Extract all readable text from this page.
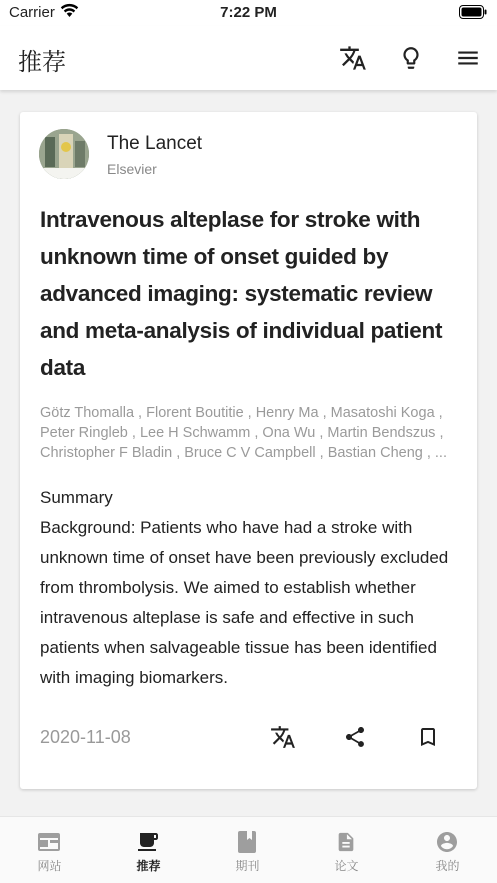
Carrier	7:22 PM
推荐
The Lancet
Elsevier
Intravenous alteplase for stroke with unknown time of onset guided by advanced imaging: systematic review and meta-analysis of individual patient data
Götz Thomalla , Florent Boutitie , Henry Ma , Masatoshi Koga , Peter Ringleb , Lee H Schwamm , Ona Wu , Martin Bendszus , Christopher F Bladin , Bruce C V Campbell , Bastian Cheng , ...
Summary
Background: Patients who have had a stroke with unknown time of onset have been previously excluded from thrombolysis. We aimed to establish whether intravenous alteplase is safe and effective in such patients when salvageable tissue has been identified with imaging biomarkers.
2020-11-08
网站	推荐	期刊	论文	我的
